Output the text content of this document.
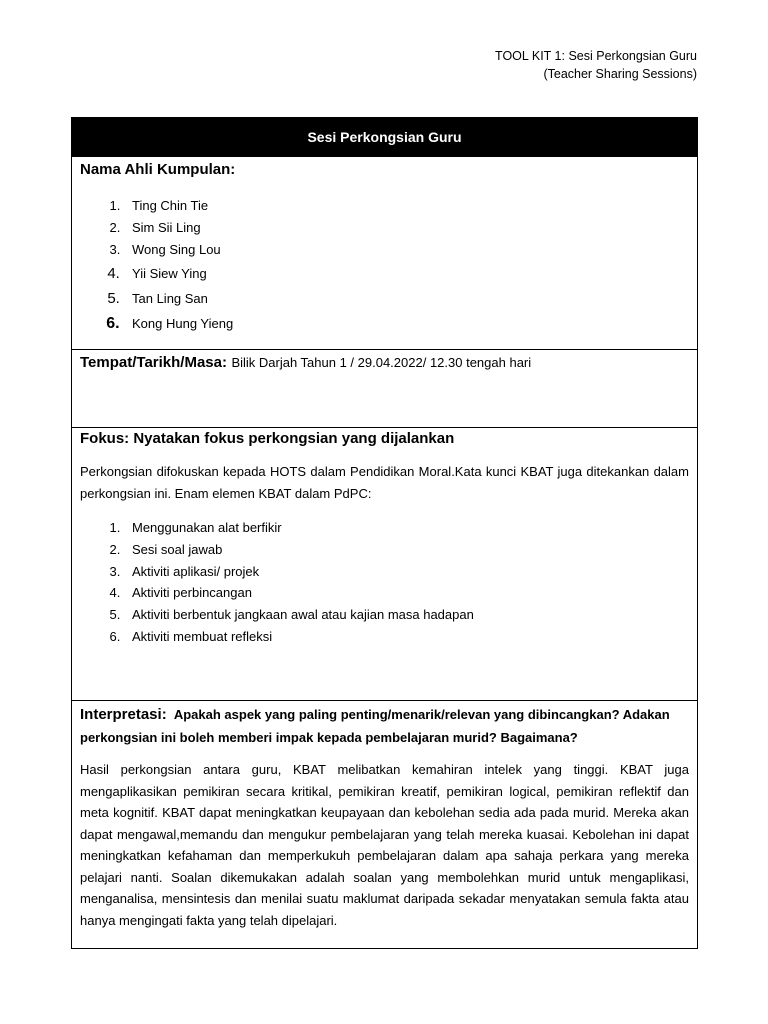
TOOL KIT 1: Sesi Perkongsian Guru
(Teacher Sharing Sessions)
Sesi Perkongsian Guru
Nama Ahli Kumpulan:
1. Ting Chin Tie
2. Sim Sii Ling
3. Wong Sing Lou
4. Yii Siew Ying
5. Tan Ling San
6. Kong Hung Yieng
Tempat/Tarikh/Masa: Bilik Darjah Tahun 1 / 29.04.2022/ 12.30 tengah hari
Fokus: Nyatakan fokus perkongsian yang dijalankan
Perkongsian difokuskan kepada HOTS dalam Pendidikan Moral.Kata kunci KBAT juga ditekankan dalam perkongsian ini. Enam elemen KBAT dalam PdPC:
1. Menggunakan alat berfikir
2. Sesi soal jawab
3. Aktiviti aplikasi/ projek
4. Aktiviti perbincangan
5. Aktiviti berbentuk jangkaan awal atau kajian masa hadapan
6. Aktiviti membuat refleksi
Interpretasi: Apakah aspek yang paling penting/menarik/relevan yang dibincangkan? Adakan perkongsian ini boleh memberi impak kepada pembelajaran murid? Bagaimana?
Hasil perkongsian antara guru, KBAT melibatkan kemahiran intelek yang tinggi. KBAT juga mengaplikasikan pemikiran secara kritikal, pemikiran kreatif, pemikiran logical, pemikiran reflektif dan meta kognitif. KBAT dapat meningkatkan keupayaan dan kebolehan sedia ada pada murid. Mereka akan dapat mengawal,memandu dan mengukur pembelajaran yang telah mereka kuasai. Kebolehan ini dapat meningkatkan kefahaman dan memperkukuh pembelajaran dalam apa sahaja perkara yang mereka pelajari nanti. Soalan dikemukakan adalah soalan yang membolehkan murid untuk mengaplikasi, menganalisa, mensintesis dan menilai suatu maklumat daripada sekadar menyatakan semula fakta atau hanya mengingati fakta yang telah dipelajari.
